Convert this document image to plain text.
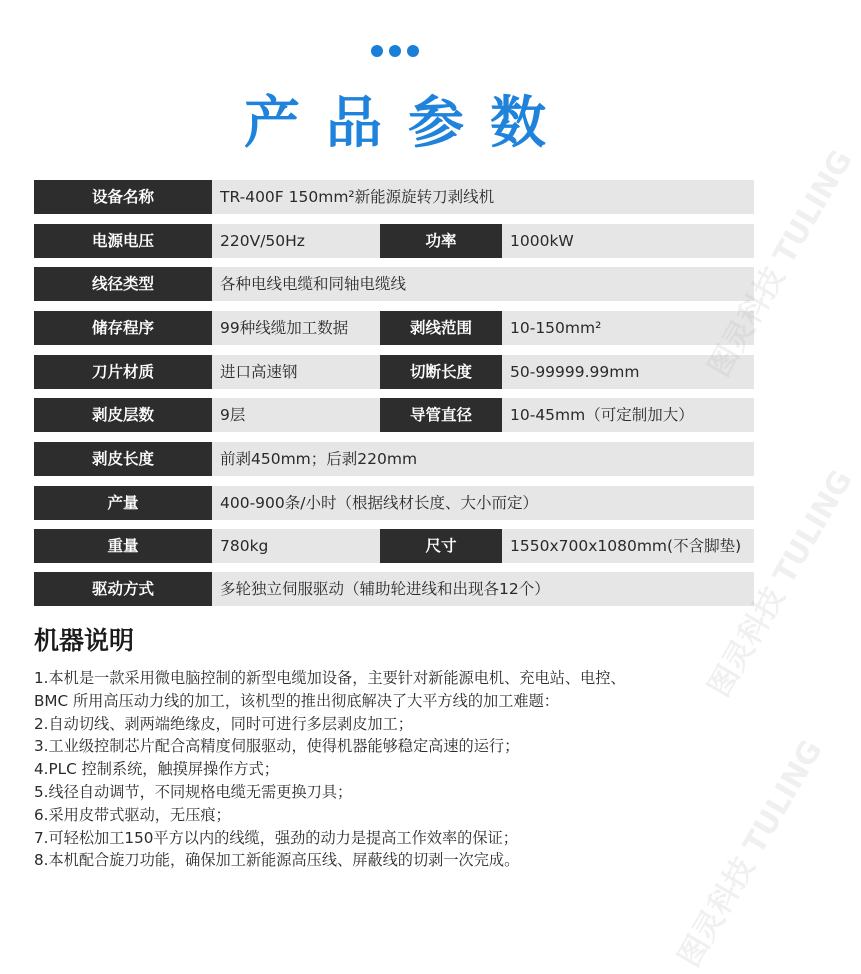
产品参数
设备名称	TR-400F 150mm²新能源旋转刀剥线机
电源电压	220V/50Hz	功率	1000kW
线径类型	各种电线电缆和同轴电缆线
储存程序	99种线缆加工数据	剥线范围	10-150mm²
刀片材质	进口高速钢	切断长度	50-99999.99mm
剥皮层数	9层	导管直径	10-45mm（可定制加大）
剥皮长度	前剥450mm；后剥220mm
产量	400-900条/小时（根据线材长度、大小而定）
重量	780kg	尺寸	1550x700x1080mm(不含脚垫)
驱动方式	多轮独立伺服驱动（辅助轮进线和出现各12个）
机器说明
1.本机是一款采用微电脑控制的新型电缆加设备，主要针对新能源电机、充电站、电控、
BMC 所用高压动力线的加工，该机型的推出彻底解决了大平方线的加工难题：
2.自动切线、剥两端绝缘皮，同时可进行多层剥皮加工；
3.工业级控制芯片配合高精度伺服驱动，使得机器能够稳定高速的运行；
4.PLC 控制系统，触摸屏操作方式；
5.线径自动调节，不同规格电缆无需更换刀具；
6.采用皮带式驱动，无压痕；
7.可轻松加工150平方以内的线缆，强劲的动力是提高工作效率的保证；
8.本机配合旋刀功能，确保加工新能源高压线、屏蔽线的切剥一次完成。
TULING
图灵科技 TULING
图灵科技 TULING
